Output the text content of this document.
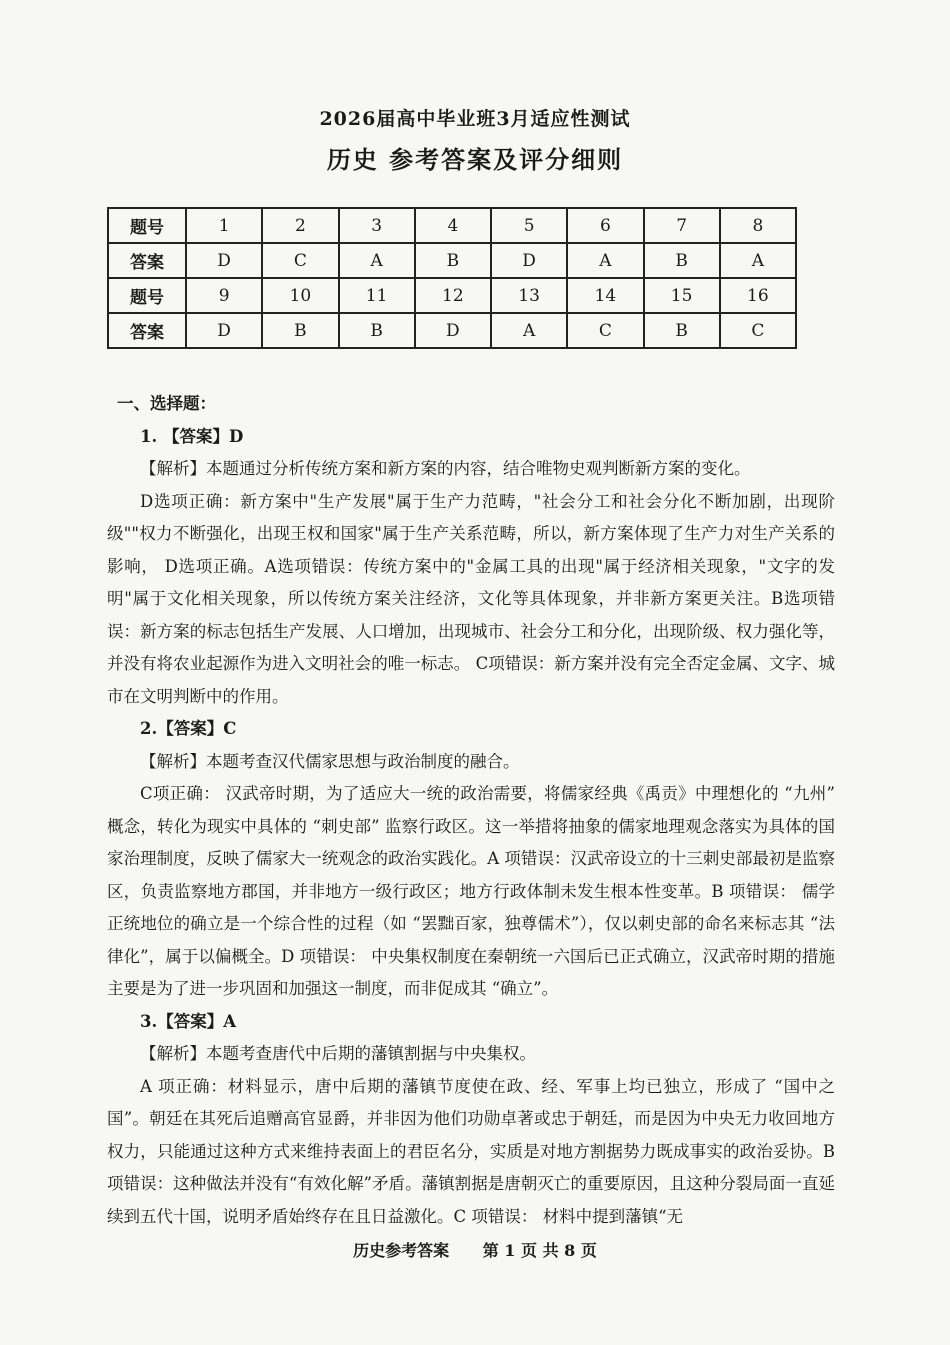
2026届高中毕业班3月适应性测试
历史 参考答案及评分细则
题号	1	2	3	4	5	6	7	8
答案	D	C	A	B	D	A	B	A
题号	9	10	11	12	13	14	15	16
答案	D	B	B	D	A	C	B	C

一、选择题：

1. 【答案】D

【解析】本题通过分析传统方案和新方案的内容，结合唯物史观判断新方案的变化。

D选项正确：新方案中"生产发展"属于生产力范畴，"社会分工和社会分化不断加剧，出现阶级""权力不断强化，出现王权和国家"属于生产关系范畴，所以，新方案体现了生产力对生产关系的影响， D选项正确。A选项错误：传统方案中的"金属工具的出现"属于经济相关现象，"文字的发明"属于文化相关现象，所以传统方案关注经济，文化等具体现象，并非新方案更关注。B选项错误：新方案的标志包括生产发展、人口增加，出现城市、社会分工和分化，出现阶级、权力强化等，并没有将农业起源作为进入文明社会的唯一标志。 C项错误：新方案并没有完全否定金属、文字、城市在文明判断中的作用。

2.【答案】C

【解析】本题考查汉代儒家思想与政治制度的融合。

C项正确： 汉武帝时期，为了适应大一统的政治需要，将儒家经典《禹贡》中理想化的 “九州” 概念，转化为现实中具体的 “刺史部” 监察行政区。这一举措将抽象的儒家地理观念落实为具体的国家治理制度，反映了儒家大一统观念的政治实践化。A 项错误：汉武帝设立的十三刺史部最初是监察区，负责监察地方郡国，并非地方一级行政区；地方行政体制未发生根本性变革。B 项错误： 儒学正统地位的确立是一个综合性的过程（如 “罢黜百家，独尊儒术”），仅以刺史部的命名来标志其 “法律化”，属于以偏概全。D 项错误： 中央集权制度在秦朝统一六国后已正式确立，汉武帝时期的措施主要是为了进一步巩固和加强这一制度，而非促成其 “确立”。

3.【答案】A

【解析】本题考查唐代中后期的藩镇割据与中央集权。

A 项正确：材料显示，唐中后期的藩镇节度使在政、经、军事上均已独立，形成了 “国中之国”。朝廷在其死后追赠高官显爵，并非因为他们功勋卓著或忠于朝廷，而是因为中央无力收回地方权力，只能通过这种方式来维持表面上的君臣名分，实质是对地方割据势力既成事实的政治妥协。B 项错误：这种做法并没有“有效化解”矛盾。藩镇割据是唐朝灭亡的重要原因，且这种分裂局面一直延续到五代十国，说明矛盾始终存在且日益激化。C 项错误： 材料中提到藩镇“无

历史参考答案 第 1 页 共 8 页
